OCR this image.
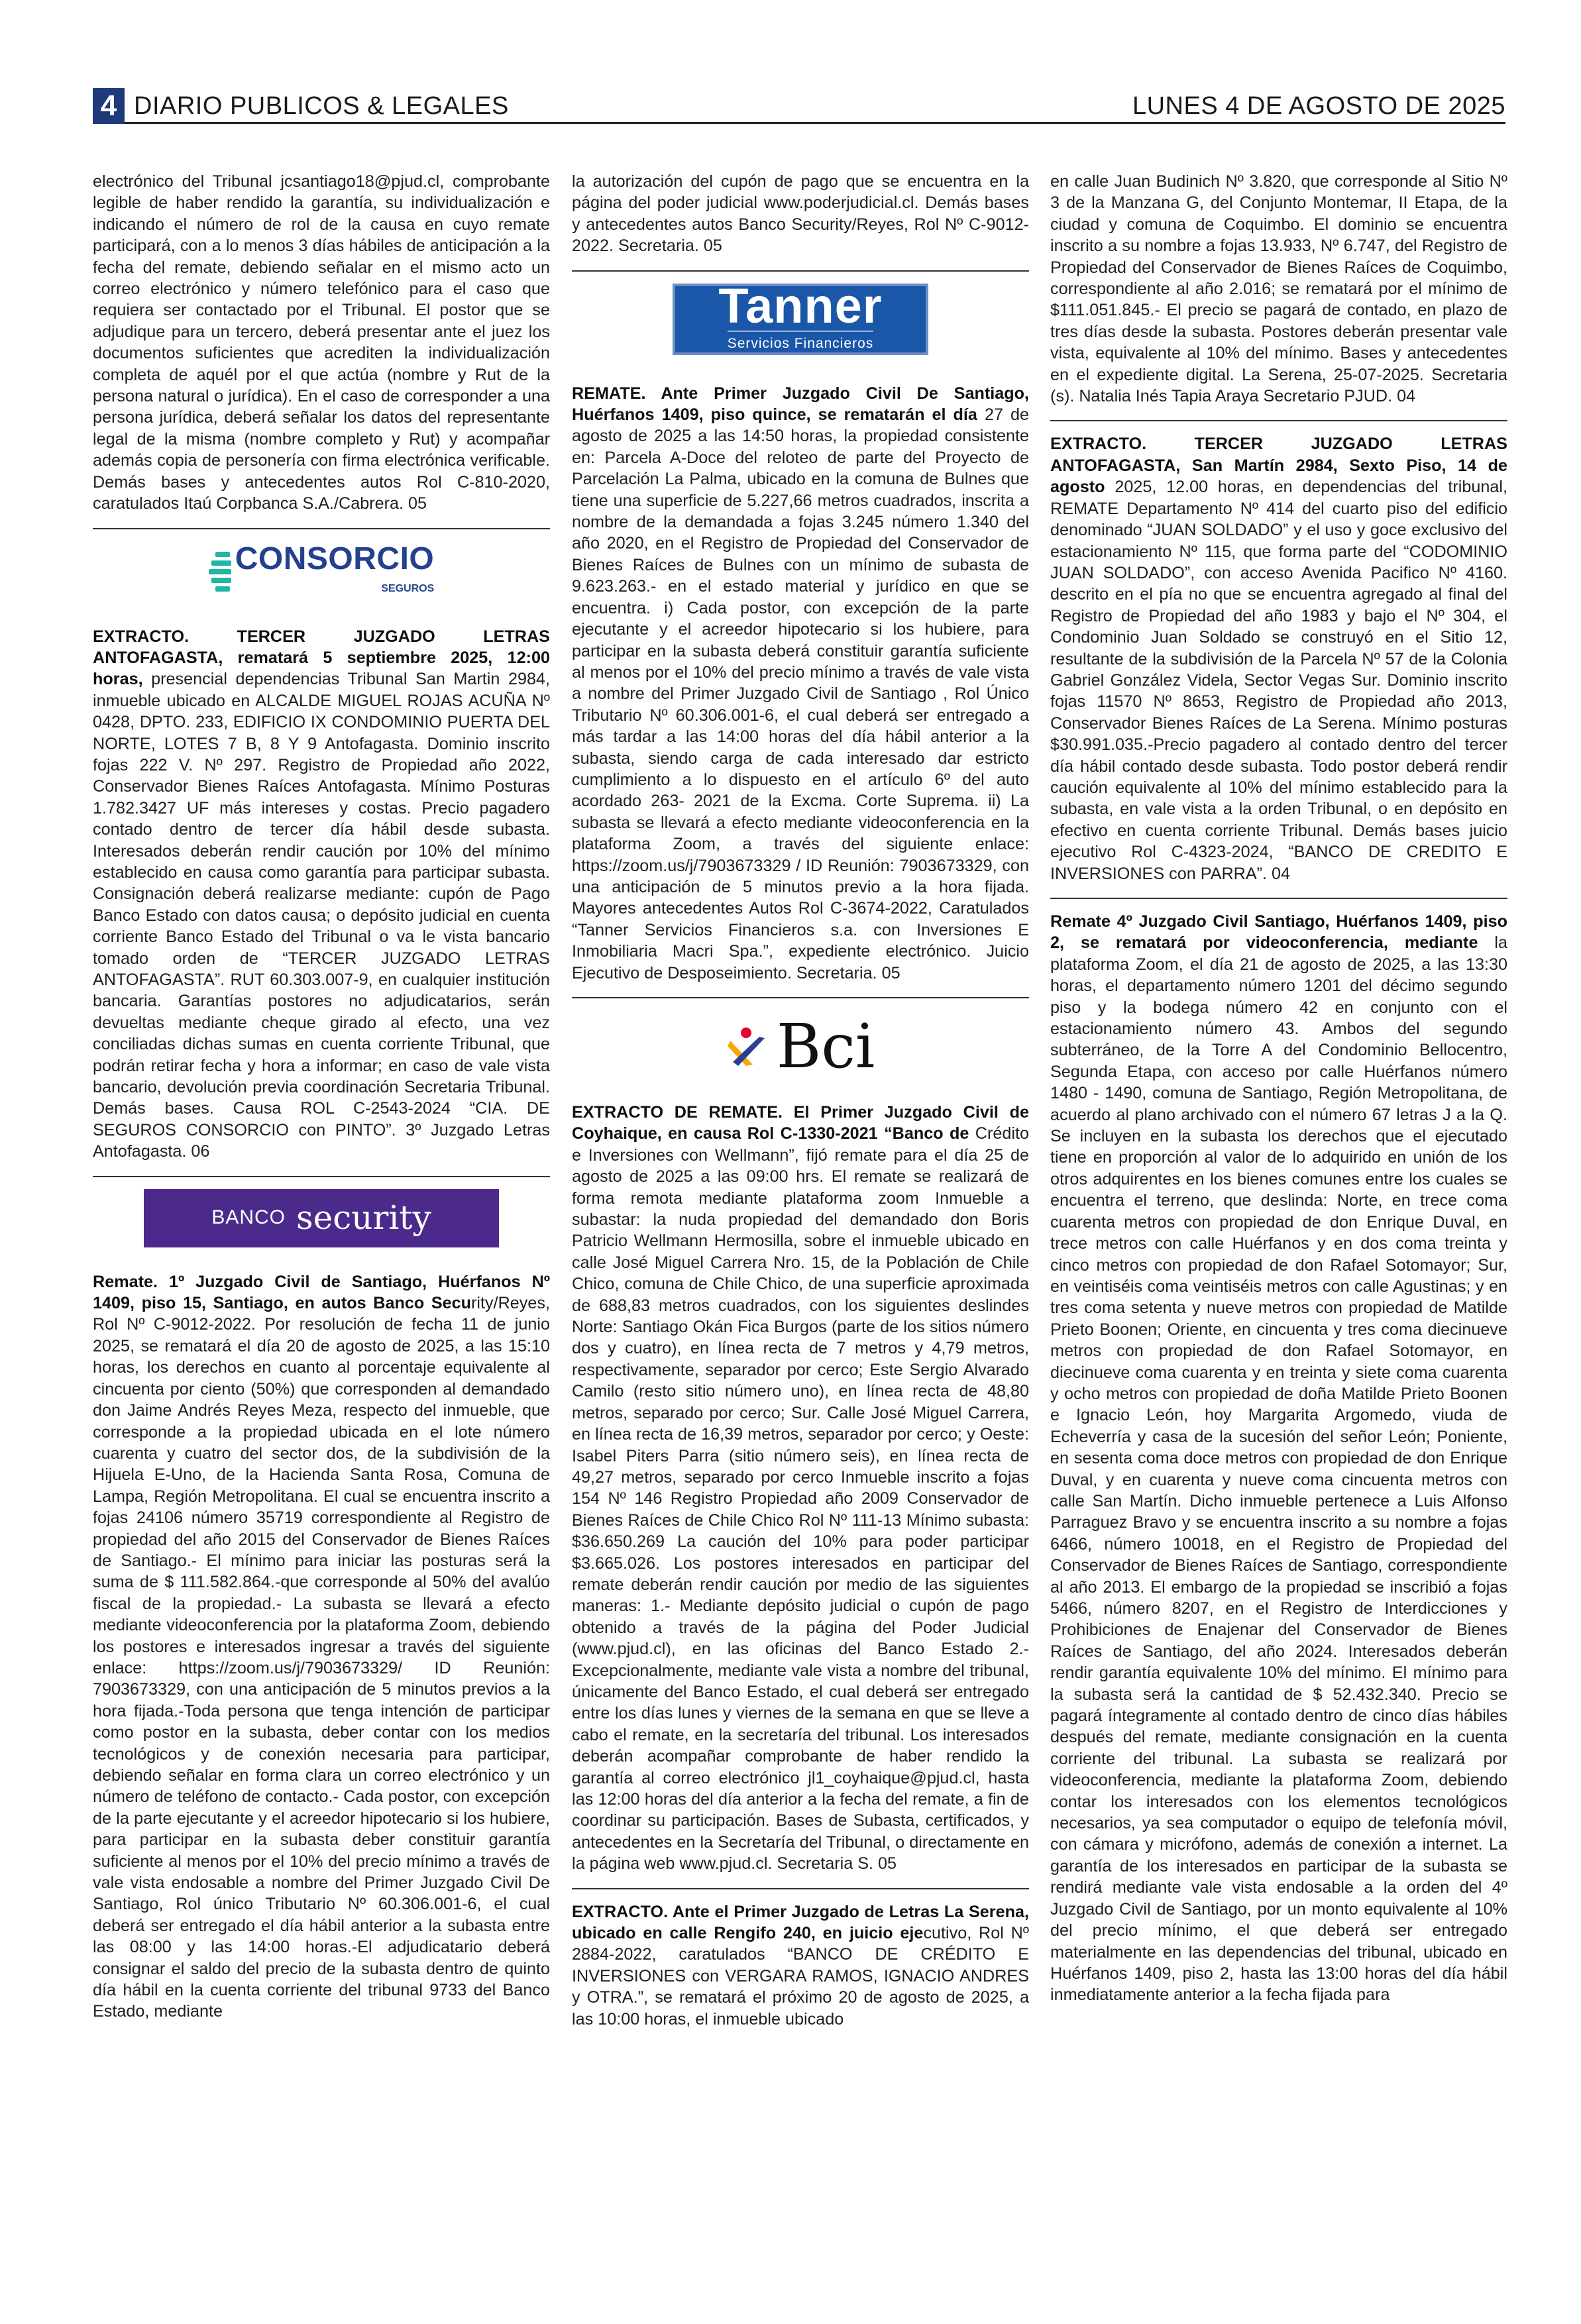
4 DIARIO PUBLICOS & LEGALES	LUNES 4 DE AGOSTO DE 2025

electrónico del Tribunal jcsantiago18@pjud.cl, comprobante legible de haber rendido la garantía, su individualización e indicando el número de rol de la causa en cuyo remate participará, con a lo menos 3 días hábiles de anticipación a la fecha del remate, debiendo señalar en el mismo acto un correo electrónico y número telefónico para el caso que requiera ser contactado por el Tribunal. El postor que se adjudique para un tercero, deberá presentar ante el juez los documentos suficientes que acrediten la individualización completa de aquél por el que actúa (nombre y Rut de la persona natural o jurídica). En el caso de corresponder a una persona jurídica, deberá señalar los datos del representante legal de la misma (nombre completo y Rut) y acompañar además copia de personería con firma electrónica verificable. Demás bases y antecedentes autos Rol C-810-2020, caratulados Itaú Corpbanca S.A./Cabrera. 05

CONSORCIO
SEGUROS

EXTRACTO. TERCER JUZGADO LETRAS ANTOFAGASTA, rematará 5 septiembre 2025, 12:00 horas, presencial dependencias Tribunal San Martin 2984, inmueble ubicado en ALCALDE MIGUEL ROJAS ACUÑA Nº 0428, DPTO. 233, EDIFICIO IX CONDOMINIO PUERTA DEL NORTE, LOTES 7 B, 8 Y 9 Antofagasta. Dominio inscrito fojas 222 V. Nº 297. Registro de Propiedad año 2022, Conservador Bienes Raíces Antofagasta. Mínimo Posturas 1.782.3427 UF más intereses y costas. Precio pagadero contado dentro de tercer día hábil desde subasta. Interesados deberán rendir caución por 10% del mínimo establecido en causa como garantía para participar subasta. Consignación deberá realizarse mediante: cupón de Pago Banco Estado con datos causa; o depósito judicial en cuenta corriente Banco Estado del Tribunal o va le vista bancario tomado orden de “TERCER JUZGADO LETRAS ANTOFAGASTA”. RUT 60.303.007-9, en cualquier institución bancaria. Garantías postores no adjudicatarios, serán devueltas mediante cheque girado al efecto, una vez conciliadas dichas sumas en cuenta corriente Tribunal, que podrán retirar fecha y hora a informar; en caso de vale vista bancario, devolución previa coordinación Secretaria Tribunal. Demás bases. Causa ROL C-2543-2024 “CIA. DE SEGUROS CONSORCIO con PINTO”. 3º Juzgado Letras Antofagasta. 06

BANCO security

Remate. 1º Juzgado Civil de Santiago, Huérfanos Nº 1409, piso 15, Santiago, en autos Banco Security/Reyes, Rol Nº C-9012-2022. Por resolución de fecha 11 de junio 2025, se rematará el día 20 de agosto de 2025, a las 15:10 horas, los derechos en cuanto al porcentaje equivalente al cincuenta por ciento (50%) que corresponden al demandado don Jaime Andrés Reyes Meza, respecto del inmueble, que corresponde a la propiedad ubicada en el lote número cuarenta y cuatro del sector dos, de la subdivisión de la Hijuela E-Uno, de la Hacienda Santa Rosa, Comuna de Lampa, Región Metropolitana. El cual se encuentra inscrito a fojas 24106 número 35719 correspondiente al Registro de propiedad del año 2015 del Conservador de Bienes Raíces de Santiago.- El mínimo para iniciar las posturas será la suma de $ 111.582.864.-que corresponde al 50% del avalúo fiscal de la propiedad.- La subasta se llevará a efecto mediante videoconferencia por la plataforma Zoom, debiendo los postores e interesados ingresar a través del siguiente enlace: https://zoom.us/j/7903673329/ ID Reunión: 7903673329, con una anticipación de 5 minutos previos a la hora fijada.-Toda persona que tenga intención de participar como postor en la subasta, deber contar con los medios tecnológicos y de conexión necesaria para participar, debiendo señalar en forma clara un correo electrónico y un número de teléfono de contacto.- Cada postor, con excepción de la parte ejecutante y el acreedor hipotecario si los hubiere, para participar en la subasta deber constituir garantía suficiente al menos por el 10% del precio mínimo a través de vale vista endosable a nombre del Primer Juzgado Civil De Santiago, Rol único Tributario Nº 60.306.001-6, el cual deberá ser entregado el día hábil anterior a la subasta entre las 08:00 y las 14:00 horas.-El adjudicatario deberá consignar el saldo del precio de la subasta dentro de quinto día hábil en la cuenta corriente del tribunal 9733 del Banco Estado, mediante

la autorización del cupón de pago que se encuentra en la página del poder judicial www.poderjudicial.cl. Demás bases y antecedentes autos Banco Security/Reyes, Rol Nº C-9012-2022. Secretaria. 05

Tanner
Servicios Financieros

REMATE. Ante Primer Juzgado Civil De Santiago, Huérfanos 1409, piso quince, se rematarán el día 27 de agosto de 2025 a las 14:50 horas, la propiedad consistente en: Parcela A-Doce del reloteo de parte del Proyecto de Parcelación La Palma, ubicado en la comuna de Bulnes que tiene una superficie de 5.227,66 metros cuadrados, inscrita a nombre de la demandada a fojas 3.245 número 1.340 del año 2020, en el Registro de Propiedad del Conservador de Bienes Raíces de Bulnes con un mínimo de subasta de 9.623.263.- en el estado material y jurídico en que se encuentra. i) Cada postor, con excepción de la parte ejecutante y el acreedor hipotecario si los hubiere, para participar en la subasta deberá constituir garantía suficiente al menos por el 10% del precio mínimo a través de vale vista a nombre del Primer Juzgado Civil de Santiago , Rol Único Tributario Nº 60.306.001-6, el cual deberá ser entregado a más tardar a las 14:00 horas del día hábil anterior a la subasta, siendo carga de cada interesado dar estricto cumplimiento a lo dispuesto en el artículo 6º del auto acordado 263- 2021 de la Excma. Corte Suprema. ii) La subasta se llevará a efecto mediante videoconferencia en la plataforma Zoom, a través del siguiente enlace: https://zoom.us/j/7903673329 / ID Reunión: 7903673329, con una anticipación de 5 minutos previo a la hora fijada. Mayores antecedentes Autos Rol C-3674-2022, Caratulados “Tanner Servicios Financieros s.a. con Inversiones E Inmobiliaria Macri Spa.”, expediente electrónico. Juicio Ejecutivo de Desposeimiento. Secretaria. 05

Bci

EXTRACTO DE REMATE. El Primer Juzgado Civil de Coyhaique, en causa Rol C-1330-2021 “Banco de Crédito e Inversiones con Wellmann”, fijó remate para el día 25 de agosto de 2025 a las 09:00 hrs. El remate se realizará de forma remota mediante plataforma zoom Inmueble a subastar: la nuda propiedad del demandado don Boris Patricio Wellmann Hermosilla, sobre el inmueble ubicado en calle José Miguel Carrera Nro. 15, de la Población de Chile Chico, comuna de Chile Chico, de una superficie aproximada de 688,83 metros cuadrados, con los siguientes deslindes Norte: Santiago Okán Fica Burgos (parte de los sitios número dos y cuatro), en línea recta de 7 metros y 4,79 metros, respectivamente, separador por cerco; Este Sergio Alvarado Camilo (resto sitio número uno), en línea recta de 48,80 metros, separado por cerco; Sur. Calle José Miguel Carrera, en línea recta de 16,39 metros, separador por cerco; y Oeste: Isabel Piters Parra (sitio número seis), en línea recta de 49,27 metros, separado por cerco Inmueble inscrito a fojas 154 Nº 146 Registro Propiedad año 2009 Conservador de Bienes Raíces de Chile Chico Rol Nº 111-13 Mínimo subasta: $36.650.269 La caución del 10% para poder participar $3.665.026. Los postores interesados en participar del remate deberán rendir caución por medio de las siguientes maneras: 1.- Mediante depósito judicial o cupón de pago obtenido a través de la página del Poder Judicial (www.pjud.cl), en las oficinas del Banco Estado 2.- Excepcionalmente, mediante vale vista a nombre del tribunal, únicamente del Banco Estado, el cual deberá ser entregado entre los días lunes y viernes de la semana en que se lleve a cabo el remate, en la secretaría del tribunal. Los interesados deberán acompañar comprobante de haber rendido la garantía al correo electrónico jl1_coyhaique@pjud.cl, hasta las 12:00 horas del día anterior a la fecha del remate, a fin de coordinar su participación. Bases de Subasta, certificados, y antecedentes en la Secretaría del Tribunal, o directamente en la página web www.pjud.cl. Secretaria S. 05

EXTRACTO. Ante el Primer Juzgado de Letras La Serena, ubicado en calle Rengifo 240, en juicio ejecutivo, Rol Nº 2884-2022, caratulados “BANCO DE CRÉDITO E INVERSIONES con VERGARA RAMOS, IGNACIO ANDRES y OTRA.”, se rematará el próximo 20 de agosto de 2025, a las 10:00 horas, el inmueble ubicado

en calle Juan Budinich Nº 3.820, que corresponde al Sitio Nº 3 de la Manzana G, del Conjunto Montemar, II Etapa, de la ciudad y comuna de Coquimbo. El dominio se encuentra inscrito a su nombre a fojas 13.933, Nº 6.747, del Registro de Propiedad del Conservador de Bienes Raíces de Coquimbo, correspondiente al año 2.016; se rematará por el mínimo de $111.051.845.- El precio se pagará de contado, en plazo de tres días desde la subasta. Postores deberán presentar vale vista, equivalente al 10% del mínimo. Bases y antecedentes en el expediente digital. La Serena, 25-07-2025. Secretaria (s). Natalia Inés Tapia Araya Secretario PJUD. 04

EXTRACTO. TERCER JUZGADO LETRAS ANTOFAGASTA, San Martín 2984, Sexto Piso, 14 de agosto 2025, 12.00 horas, en dependencias del tribunal, REMATE Departamento Nº 414 del cuarto piso del edificio denominado “JUAN SOLDADO” y el uso y goce exclusivo del estacionamiento Nº 115, que forma parte del “CODOMINIO JUAN SOLDADO”, con acceso Avenida Pacifico Nº 4160. descrito en el pía no que se encuentra agregado al final del Registro de Propiedad del año 1983 y bajo el Nº 304, el Condominio Juan Soldado se construyó en el Sitio 12, resultante de la subdivisión de la Parcela Nº 57 de la Colonia Gabriel González Videla, Sector Vegas Sur. Dominio inscrito fojas 11570 Nº 8653, Registro de Propiedad año 2013, Conservador Bienes Raíces de La Serena. Mínimo posturas $30.991.035.-Precio pagadero al contado dentro del tercer día hábil contado desde subasta. Todo postor deberá rendir caución equivalente al 10% del mínimo establecido para la subasta, en vale vista a la orden Tribunal, o en depósito en efectivo en cuenta corriente Tribunal. Demás bases juicio ejecutivo Rol C-4323-2024, “BANCO DE CREDITO E INVERSIONES con PARRA”. 04

Remate 4º Juzgado Civil Santiago, Huérfanos 1409, piso 2, se rematará por videoconferencia, mediante la plataforma Zoom, el día 21 de agosto de 2025, a las 13:30 horas, el departamento número 1201 del décimo segundo piso y la bodega número 42 en conjunto con el estacionamiento número 43. Ambos del segundo subterráneo, de la Torre A del Condominio Bellocentro, Segunda Etapa, con acceso por calle Huérfanos número 1480 - 1490, comuna de Santiago, Región Metropolitana, de acuerdo al plano archivado con el número 67 letras J a la Q. Se incluyen en la subasta los derechos que el ejecutado tiene en proporción al valor de lo adquirido en unión de los otros adquirentes en los bienes comunes entre los cuales se encuentra el terreno, que deslinda: Norte, en trece coma cuarenta metros con propiedad de don Enrique Duval, en trece metros con calle Huérfanos y en dos coma treinta y cinco metros con propiedad de don Rafael Sotomayor; Sur, en veintiséis coma veintiséis metros con calle Agustinas; y en tres coma setenta y nueve metros con propiedad de Matilde Prieto Boonen; Oriente, en cincuenta y tres coma diecinueve metros con propiedad de don Rafael Sotomayor, en diecinueve coma cuarenta y en treinta y siete coma cuarenta y ocho metros con propiedad de doña Matilde Prieto Boonen e Ignacio León, hoy Margarita Argomedo, viuda de Echeverría y casa de la sucesión del señor León; Poniente, en sesenta coma doce metros con propiedad de don Enrique Duval, y en cuarenta y nueve coma cincuenta metros con calle San Martín. Dicho inmueble pertenece a Luis Alfonso Parraguez Bravo y se encuentra inscrito a su nombre a fojas 6466, número 10018, en el Registro de Propiedad del Conservador de Bienes Raíces de Santiago, correspondiente al año 2013. El embargo de la propiedad se inscribió a fojas 5466, número 8207, en el Registro de Interdicciones y Prohibiciones de Enajenar del Conservador de Bienes Raíces de Santiago, del año 2024. Interesados deberán rendir garantía equivalente 10% del mínimo. El mínimo para la subasta será la cantidad de $ 52.432.340. Precio se pagará íntegramente al contado dentro de cinco días hábiles después del remate, mediante consignación en la cuenta corriente del tribunal. La subasta se realizará por videoconferencia, mediante la plataforma Zoom, debiendo contar los interesados con los elementos tecnológicos necesarios, ya sea computador o equipo de telefonía móvil, con cámara y micrófono, además de conexión a internet. La garantía de los interesados en participar de la subasta se rendirá mediante vale vista endosable a la orden del 4º Juzgado Civil de Santiago, por un monto equivalente al 10% del precio mínimo, el que deberá ser entregado materialmente en las dependencias del tribunal, ubicado en Huérfanos 1409, piso 2, hasta las 13:00 horas del día hábil inmediatamente anterior a la fecha fijada para
